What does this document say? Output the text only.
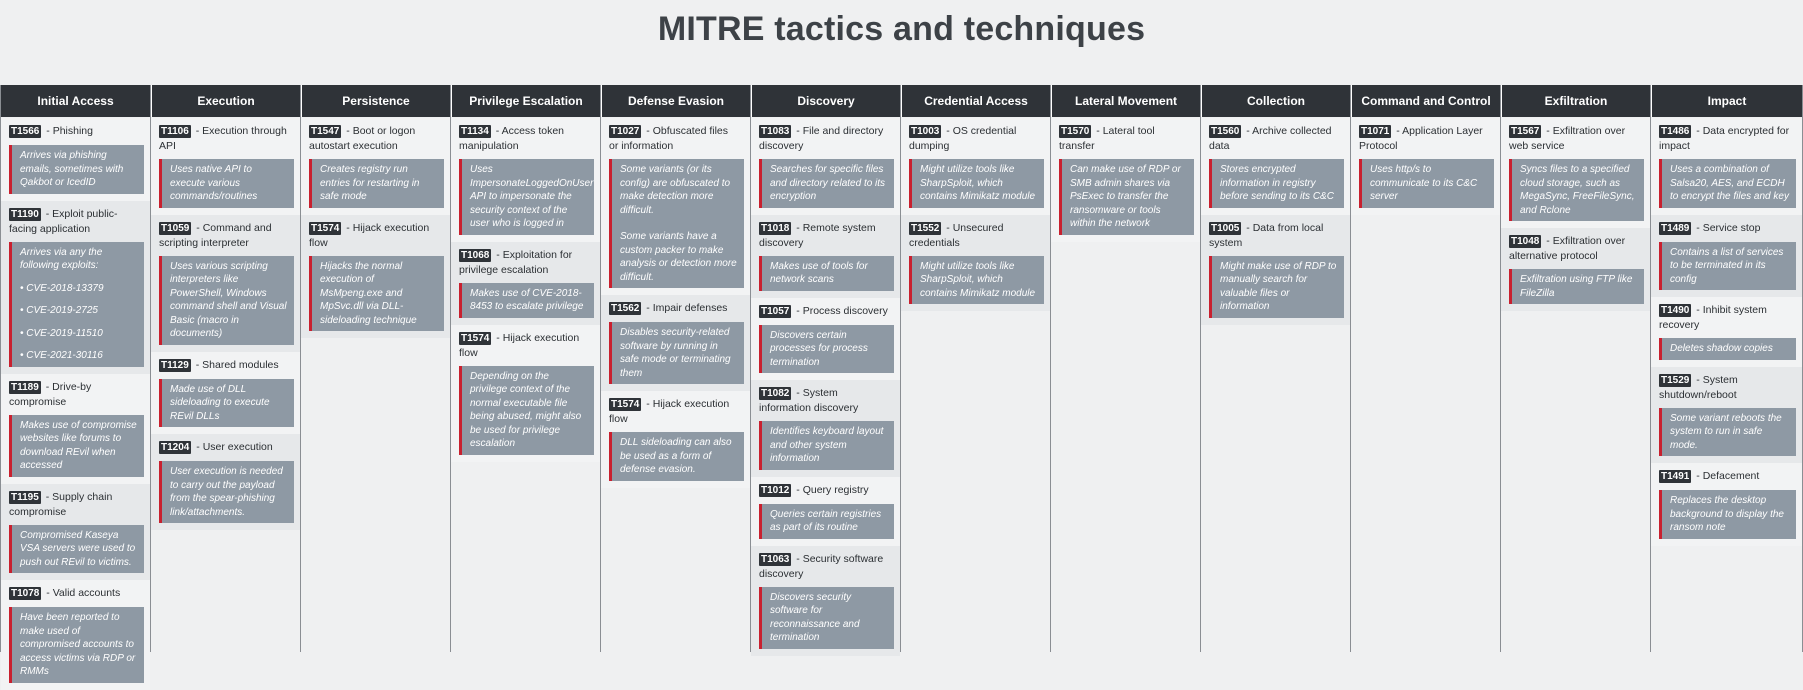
MITRE tactics and techniques
Initial Access
T1566 - Phishing

Arrives via phishing emails, sometimes with Qakbot or IcedID

T1190 - Exploit public-facing application

Arrives via any the following exploits:

• CVE-2018-13379
• CVE-2019-2725
• CVE-2019-11510
• CVE-2021-30116
T1189 - Drive-by compromise

Makes use of compromise websites like forums to download REvil when accessed

T1195 - Supply chain compromise

Compromised Kaseya VSA servers were used to push out REvil to victims.

T1078 - Valid accounts

Have been reported to make used of compromised accounts to access victims via RDP or RMMs

Execution
T1106 - Execution through API

Uses native API to execute various commands/routines

T1059 - Command and scripting interpreter

Uses various scripting interpreters like PowerShell, Windows command shell and Visual Basic (macro in documents)

T1129 - Shared modules

Made use of DLL sideloading to execute REvil DLLs

T1204 - User execution

User execution is needed to carry out the payload from the spear-phishing link/attachments.

Persistence
T1547 - Boot or logon autostart execution

Creates registry run entries for restarting in safe mode

T1574 - Hijack execution flow

Hijacks the normal execution of MsMpeng.exe and MpSvc.dll via DLL-sideloading technique

Privilege Escalation
T1134 - Access token manipulation

Uses ImpersonateLoggedOnUser API to impersonate the security context of the user who is logged in

T1068 - Exploitation for privilege escalation

Makes use of CVE-2018-8453 to escalate privilege

T1574 - Hijack execution flow

Depending on the privilege context of the normal executable file being abused, might also be used for privilege escalation

Defense Evasion
T1027 - Obfuscated files or information

Some variants (or its config) are obfuscated to make detection more difficult.

Some variants have a custom packer to make analysis or detection more difficult.

T1562 - Impair defenses

Disables security-related software by running in safe mode or terminating them

T1574 - Hijack execution flow

DLL sideloading can also be used as a form of defense evasion.

Discovery
T1083 - File and directory discovery

Searches for specific files and directory related to its encryption

T1018 - Remote system discovery

Makes use of tools for network scans

T1057 - Process discovery

Discovers certain processes for process termination

T1082 - System information discovery

Identifies keyboard layout and other system information

T1012 - Query registry

Queries certain registries as part of its routine

T1063 - Security software discovery

Discovers security software for reconnaissance and termination

Credential Access
T1003 - OS credential dumping

Might utilize tools like SharpSploit, which contains Mimikatz module

T1552 - Unsecured credentials

Might utilize tools like SharpSploit, which contains Mimikatz module

Lateral Movement
T1570 - Lateral tool transfer

Can make use of RDP or SMB admin shares via PsExec to transfer the ransomware or tools within the network

Collection
T1560 - Archive collected data

Stores encrypted information in registry before sending to its C&C

T1005 - Data from local system

Might make use of RDP to manually search for valuable files or information

Command and Control
T1071 - Application Layer Protocol

Uses http/s to communicate to its C&C server

Exfiltration
T1567 - Exfiltration over web service

Syncs files to a specified cloud storage, such as MegaSync, FreeFileSync, and Rclone

T1048 - Exfiltration over alternative protocol

Exfiltration using FTP like FileZilla

Impact
T1486 - Data encrypted for impact

Uses a combination of Salsa20, AES, and ECDH to encrypt the files and key

T1489 - Service stop

Contains a list of services to be terminated in its config

T1490 - Inhibit system recovery

Deletes shadow copies

T1529 - System shutdown/reboot

Some variant reboots the system to run in safe mode.

T1491 - Defacement

Replaces the desktop background to display the ransom note
